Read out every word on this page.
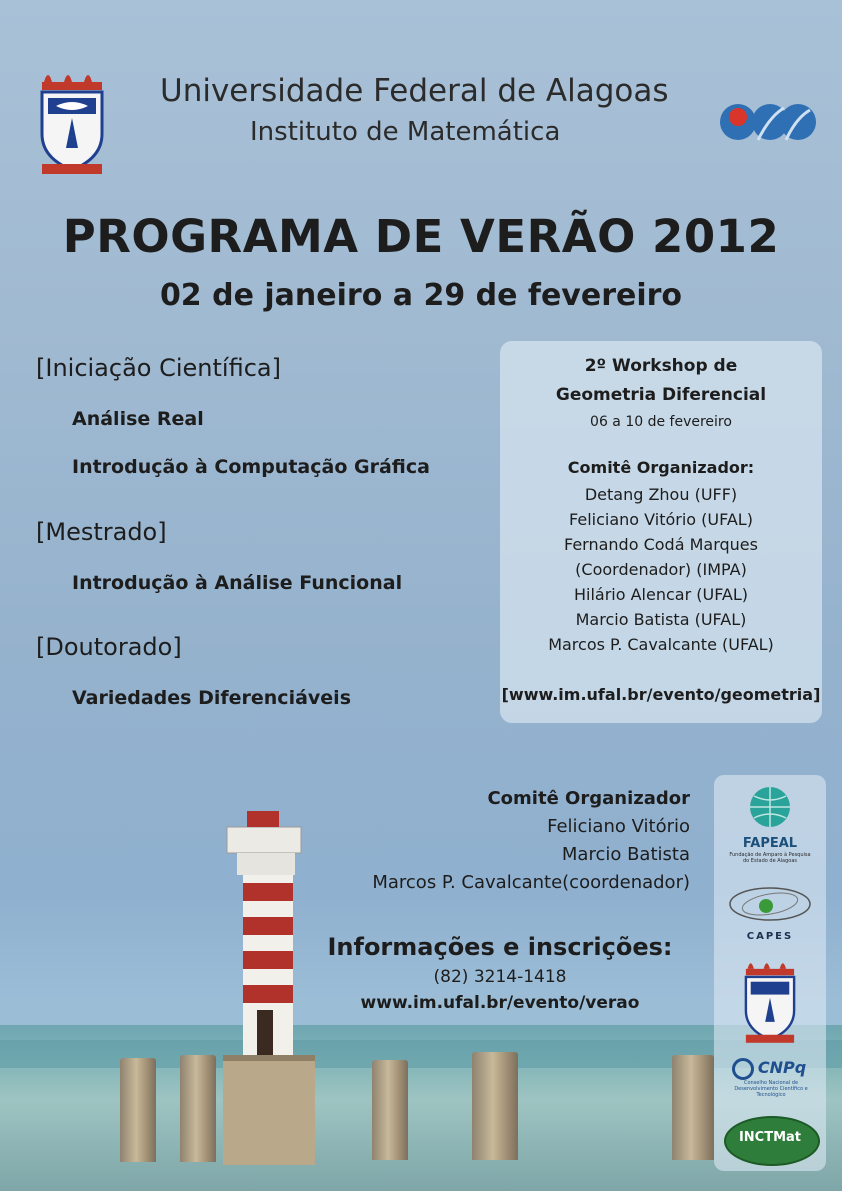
Universidade Federal de Alagoas
Instituto de Matemática
PROGRAMA DE VERÃO 2012
02 de janeiro a 29 de fevereiro
[Iniciação Científica]
Análise Real
Introdução à Computação Gráfica
[Mestrado]
Introdução à Análise Funcional
[Doutorado]
Variedades Diferenciáveis
2º Workshop de
Geometria Diferencial
06 a 10 de fevereiro
Comitê Organizador:
Detang Zhou (UFF)
Feliciano Vitório (UFAL)
Fernando Codá Marques
(Coordenador) (IMPA)
Hilário Alencar (UFAL)
Marcio Batista (UFAL)
Marcos P. Cavalcante (UFAL)
[www.im.ufal.br/evento/geometria]
Comitê Organizador
Feliciano Vitório
Marcio Batista
Marcos P. Cavalcante(coordenador)
Informações e inscrições:
(82) 3214-1418
www.im.ufal.br/evento/verao
FAPEAL
Fundação de Amparo à Pesquisa do Estado de Alagoas
CAPES
CNPq
Conselho Nacional de Desenvolvimento Científico e Tecnológico
INCTMat
